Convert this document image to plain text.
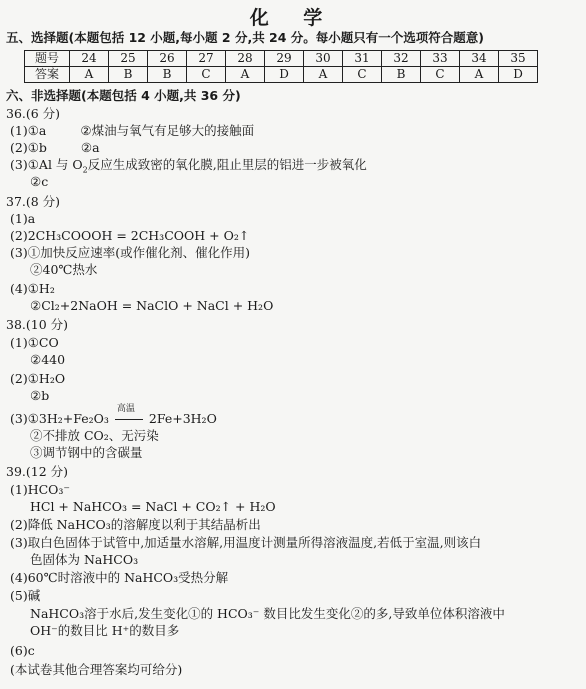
化 学
五、选择题(本题包括 12 小题,每小题 2 分,共 24 分。每小题只有一个选项符合题意)
题号	24	25	26	27	28	29	30	31	32	33	34	35
答案	A	B	B	C	A	D	A	C	B	C	A	D
六、非选择题(本题包括 4 小题,共 36 分)
36.(6 分)
(1)①a	②煤油与氧气有足够大的接触面
(2)①b	②a
(3)①Al 与 $O_2$反应生成致密的氧化膜,阻止里层的铝进一步被氧化
②c
37.(8 分)
(1)a
(2)2CH₃COOOH = 2CH₃COOH + O₂↑
(3)①加快反应速率(或作催化剂、催化作用)
②40℃热水
(4)①H₂
②Cl₂+2NaOH = NaClO + NaCl + H₂O
38.(10 分)
(1)①CO
②440
(2)①H₂O
②b
(3)①3H₂+Fe₂O₃
高温
2Fe+3H₂O
②不排放 CO₂、无污染
③调节钢中的含碳量
39.(12 分)
(1)HCO₃⁻
HCl + NaHCO₃ = NaCl + CO₂↑ + H₂O
(2)降低 NaHCO₃的溶解度以利于其结晶析出
(3)取白色固体于试管中,加适量水溶解,用温度计测量所得溶液温度,若低于室温,则该白
色固体为 NaHCO₃
(4)60℃时溶液中的 NaHCO₃受热分解
(5)碱
NaHCO₃溶于水后,发生变化①的 HCO₃⁻ 数目比发生变化②的多,导致单位体积溶液中
OH⁻的数目比 H⁺的数目多
(6)c
(本试卷其他合理答案均可给分)
